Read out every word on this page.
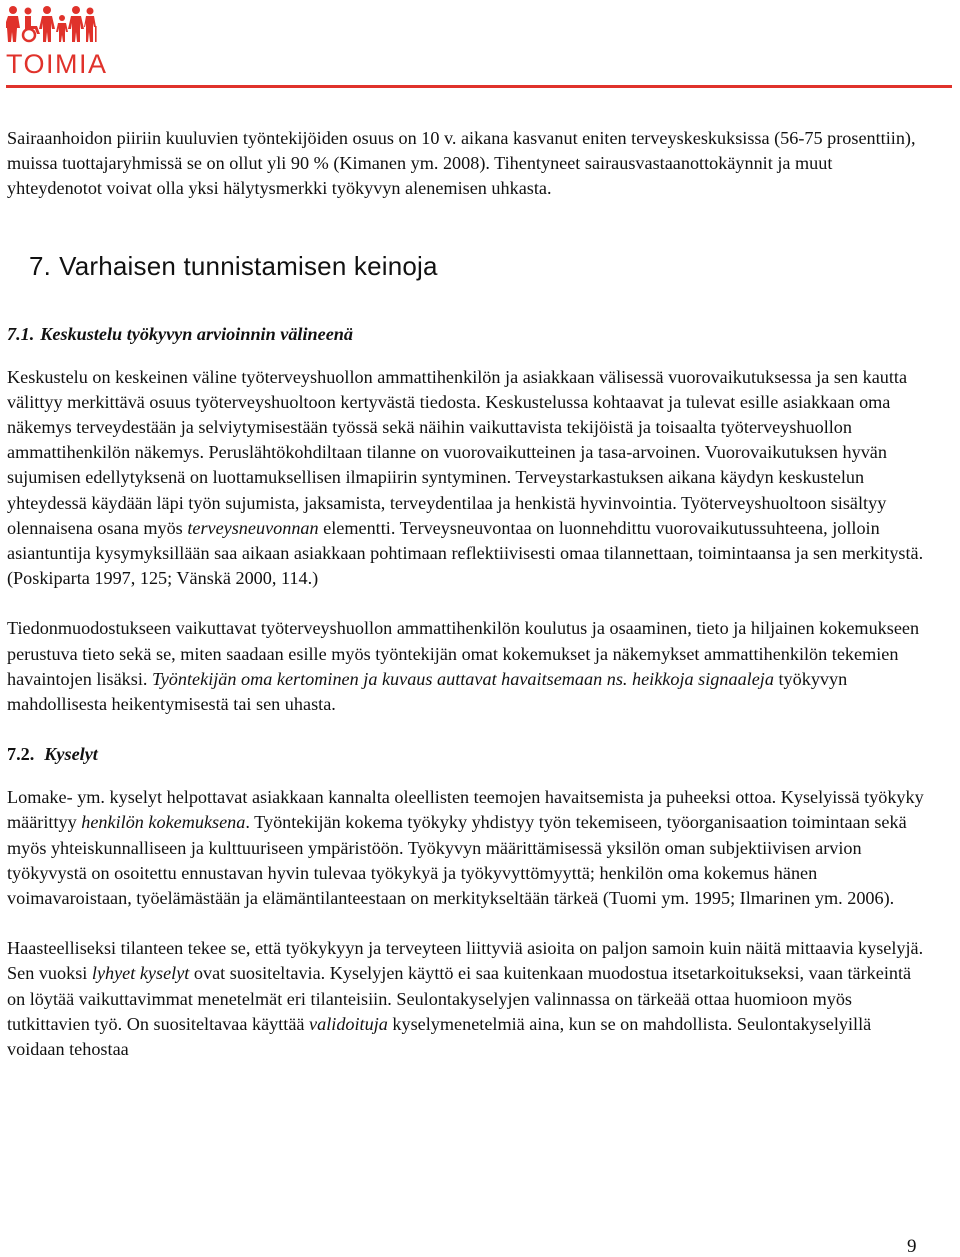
TOIMIA

Sairaanhoidon piiriin kuuluvien työntekijöiden osuus on 10 v. aikana kasvanut eniten terveyskeskuksissa (56-75 prosenttiin), muissa tuottajaryhmissä se on ollut yli 90 % (Kimanen ym. 2008). Tihentyneet sairausvastaanottokäynnit ja muut yhteydenotot voivat olla yksi hälytysmerkki työkyvyn alenemisen uhkasta.

7. Varhaisen tunnistamisen keinoja
7.1. Keskustelu työkyvyn arvioinnin välineenä

Keskustelu on keskeinen väline työterveyshuollon ammattihenkilön ja asiakkaan välisessä vuorovaikutuksessa ja sen kautta välittyy merkittävä osuus työterveyshuoltoon kertyvästä tiedosta. Keskustelussa kohtaavat ja tulevat esille asiakkaan oma näkemys terveydestään ja selviytymisestään työssä sekä näihin vaikuttavista tekijöistä ja toisaalta työterveyshuollon ammattihenkilön näkemys. Peruslähtökohdiltaan tilanne on vuorovaikutteinen ja tasa-arvoinen. Vuorovaikutuksen hyvän sujumisen edellytyksenä on luottamuksellisen ilmapiirin syntyminen. Terveystarkastuksen aikana käydyn keskustelun yhteydessä käydään läpi työn sujumista, jaksamista, terveydentilaa ja henkistä hyvinvointia. Työterveyshuoltoon sisältyy olennaisena osana myös terveysneuvonnan elementti. Terveysneuvontaa on luonnehdittu vuorovaikutussuhteena, jolloin asiantuntija kysymyksillään saa aikaan asiakkaan pohtimaan reflektiivisesti omaa tilannettaan, toimintaansa ja sen merkitystä. (Poskiparta 1997, 125; Vänskä 2000, 114.)

Tiedonmuodostukseen vaikuttavat työterveyshuollon ammattihenkilön koulutus ja osaaminen, tieto ja hiljainen kokemukseen perustuva tieto sekä se, miten saadaan esille myös työntekijän omat kokemukset ja näkemykset ammattihenkilön tekemien havaintojen lisäksi. Työntekijän oma kertominen ja kuvaus auttavat havaitsemaan ns. heikkoja signaaleja työkyvyn mahdollisesta heikentymisestä tai sen uhasta.

7.2. Kyselyt

Lomake- ym. kyselyt helpottavat asiakkaan kannalta oleellisten teemojen havaitsemista ja puheeksi ottoa. Kyselyissä työkyky määrittyy henkilön kokemuksena. Työntekijän kokema työkyky yhdistyy työn tekemiseen, työorganisaation toimintaan sekä myös yhteiskunnalliseen ja kulttuuriseen ympäristöön. Työkyvyn määrittämisessä yksilön oman subjektiivisen arvion työkyvystä on osoitettu ennustavan hyvin tulevaa työkykyä ja työkyvyttömyyttä; henkilön oma kokemus hänen voimavaroistaan, työelämästään ja elämäntilanteestaan on merkitykseltään tärkeä (Tuomi ym. 1995; Ilmarinen ym. 2006).

Haasteelliseksi tilanteen tekee se, että työkykyyn ja terveyteen liittyviä asioita on paljon samoin kuin näitä mittaavia kyselyjä. Sen vuoksi lyhyet kyselyt ovat suositeltavia. Kyselyjen käyttö ei saa kuitenkaan muodostua itsetarkoitukseksi, vaan tärkeintä on löytää vaikuttavimmat menetelmät eri tilanteisiin. Seulontakyselyjen valinnassa on tärkeää ottaa huomioon myös tutkittavien työ. On suositeltavaa käyttää validoituja kyselymenetelmiä aina, kun se on mahdollista. Seulontakyselyillä voidaan tehostaa

9
